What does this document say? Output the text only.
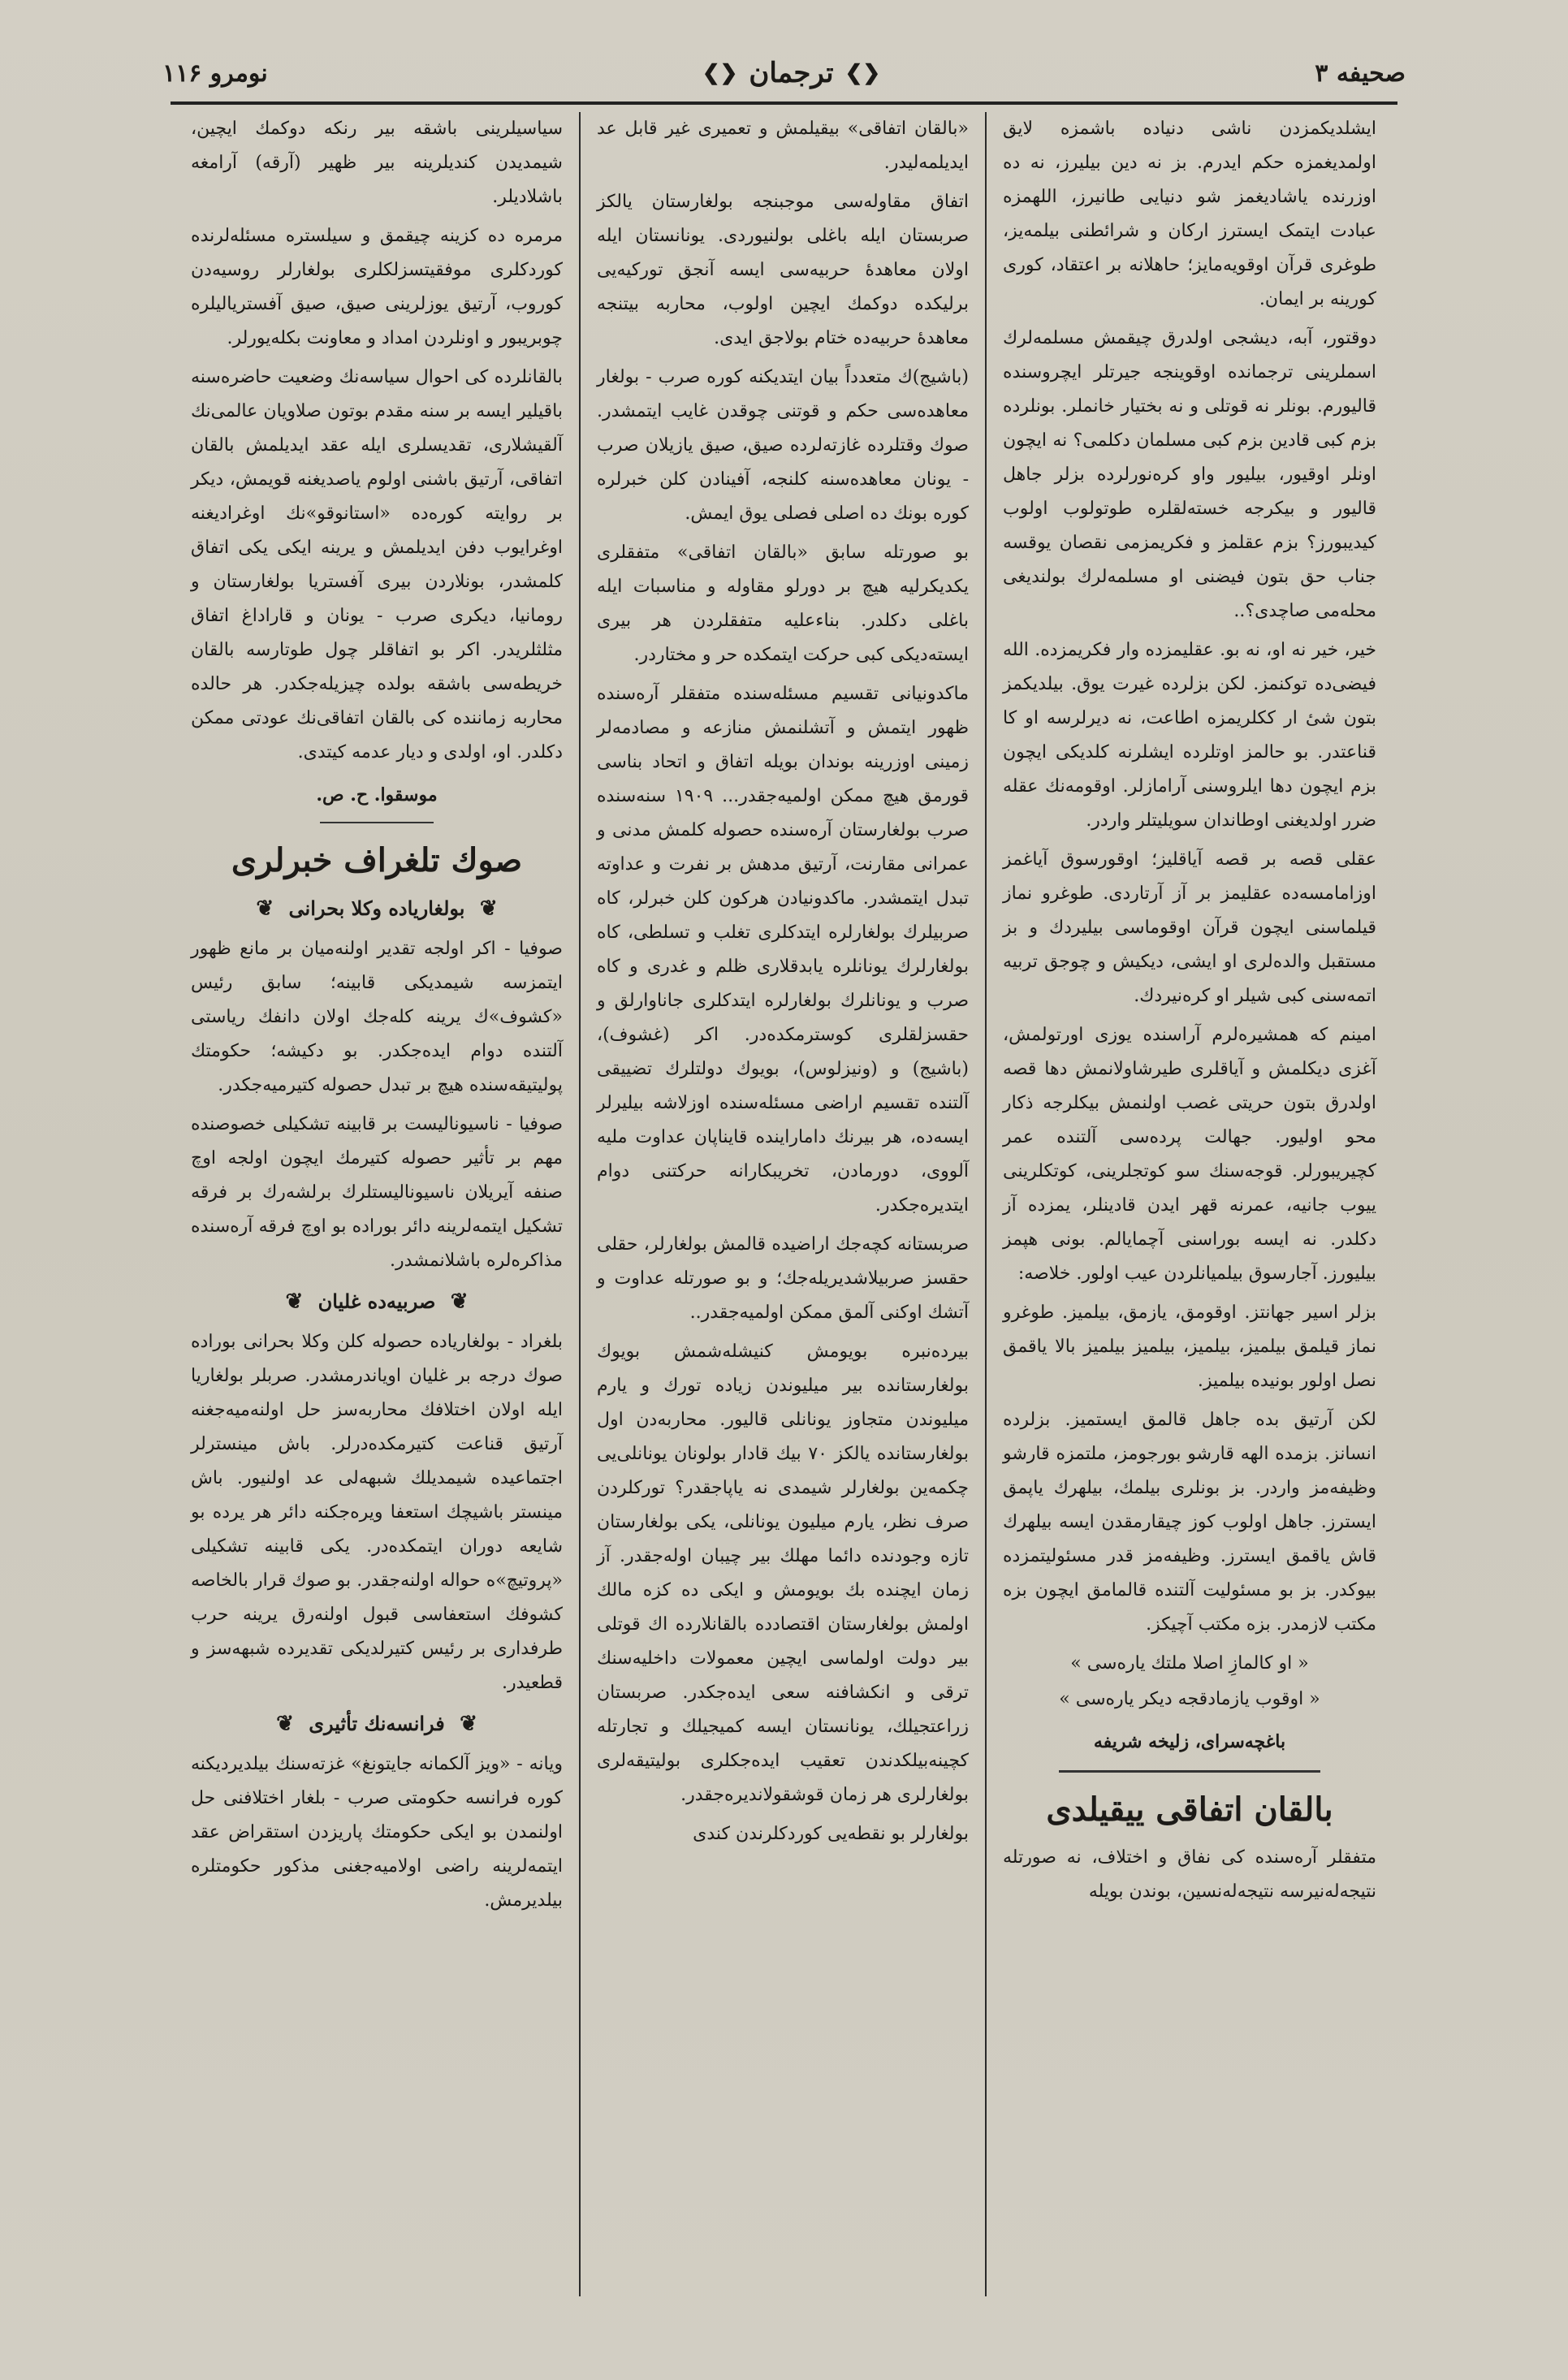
صحیفه ۳
❮❯
ترجمان
❮❯
نومرو ۱۱۶

ایشلدیکمزدن ناشی دنیاده باشمزه لایق اولمدیغمزه حکم ایدرم. بز نه دین بیلیرز، نه ده اوزرنده یاشادیغمز شو دنیایی طانیرز، اللهمزه عبادت ایتمک ایسترز ارکان و شرائطنی بیلمه‌یز، طوغری قرآن اوقویه‌مایز؛ حاهلانه بر اعتقاد، کوری کورینه بر ایمان.

دوقتور، آبه، دیشجی اولدرق چیقمش مسلمه‌لرك اسملرینی ترجمانده اوقوینجه جیرتلر ایچروسنده قالیورم. بونلر نه قوتلی و نه بختیار خانملر. بونلرده بزم کبی قادین بزم کبی مسلمان دکلمی؟ نه ایچون اونلر اوقیور، بیلیور واو کره‌نورلرده بزلر جاهل قالیور و بیکرجه خسته‌لقلره طوتولوب اولوب کیدیبورز؟ بزم عقلمز و فکریمزمی نقصان یوقسه جناب حق بتون فیضنی او مسلمه‌لرك بولندیغی محله‌می صاچدی؟..

خیر، خیر نه او، نه بو. عقلیمزده وار فکریمزده. الله فیضی‌ده توکنمز. لکن بزلرده غیرت یوق. بیلدیکمز بتون شیٔ ار ککلریمزه اطاعت، نه دیرلرسه او کا قناعتدر. بو حالمز اوتلرده ایشلرنه کلدیکی ایچون بزم ایچون دها ایلروسنی آرامازلر. اوقومه‌نك عقله ضرر اولدیغنی اوطاندان سویلیتلر واردر.

عقلی قصه بر قصه آیاقلیز؛ اوقورسوق آیاغمز اوزامامسه‌ده عقلیمز بر آز آرتاردی. طوغرو نماز قیلماسنی ایچون قرآن اوقوماسی بیلیرد‌ك و بز مستقبل والده‌لری او ایشی، دیکیش و چوجق تربیه اتمه‌سنی کبی شیلر او کره‌نیردك.

امینم که همشیره‌لرم آراسنده یوزی اورتولمش، آغزی دیکلمش و آیاقلری طیرشاولانمش دها قصه اولدرق بتون حریتی غصب اولنمش بیکلرجه ذکار محو اولیور. جهالت پرده‌سی آلتنده عمر کچیریبورلر. قوجه‌سنك سو کوتجلرینی، کوتکلرینی ییوب جانیه، عمرنه قهر ایدن قادینلر، یمزده آز دکلدر. نه ایسه بوراسنی آچمایالم. بونی هپمز بیلیورز. آجارسوق بیلمیانلردن عیب اولور. خلاصه:

بزلر اسیر جهانتز. اوقومق، یازمق، بیلمیز. طوغرو نماز قیلمق بیلمیز، بیلمیز، بیلمیز بیلمیز بالا یاقمق نصل اولور بونیده بیلمیز.

لکن آرتیق بده جاهل قالمق ایستمیز. بزلرده انسانز. بزمده الهه قارشو بورجومز، ملتمزه قارشو وظیفه‌مز واردر. بز بونلری بیلمك، بیلهرك یاپمق ایسترز. جاهل اولوب کوز چیقارمقدن ایسه بیلهرك قاش یاقمق ایسترز. وظیفه‌مز قدر مسئولیتمزده بیوکدر. بز بو مسئولیت آلتنده قالمامق ایچون بزه مکتب لازمدر. بزه مکتب آچیکز.

« او کالمازِ اصلا ملتك یاره‌سی »
« اوقوب یازمادقجه دیکر یاره‌سی »
باغچه‌سرای، زلیخه شریفه
بالقان اتفاقی ییقیلدی

متفقلر آره‌سنده کی نفاق و اختلاف، نه صورتله نتیجه‌له‌نیرسه نتیجه‌له‌نسین، بوندن بویله

«بالقان اتفاقی» بیقیلمش و تعمیری غیر قابل عد ایدیلمه‌لیدر.

اتفاق مقاوله‌سی موجبنجه بولغارستان یالکز صربستان ایله باغلی بولنیوردی. یونانستان ایله اولان معاهدهٔ حربیه‌سی ایسه آنجق تورکیه‌یی برلیکده دوکمك ایچین اولوب، محاربه بیتنجه معاهدهٔ حربیه‌ده ختام بولاجق ایدی.

(باشیج)‌ك متعدداً بیان ایتدیکنه کوره صرب - بولغار معاهده‌سی حکم و قوتنی چوقدن غایب ایتمشدر. صوك وقتلرده غازته‌لرده صیق، صیق یازیلان صرب - یونان معاهده‌سنه کلنجه، آفینادن کلن خبرلره کوره بونك ده اصلی فصلی یوق ایمش.

بو صورتله سابق «بالقان اتفاقی» متفقلری یکدیکرلیه هیچ بر دورلو مقاوله و مناسبات ایله باغلی دکلدر. بناءعلیه متفقلردن هر بیری ایسته‌دیکی کبی حرکت ایتمکده حر و مختاردر.

ماکدونیانی تقسیم مسئله‌سنده متفقلر آره‌سنده ظهور ایتمش و آتشلنمش منازعه و مصادمه‌لر زمینی اوزرینه بوندان بویله اتفاق و اتحاد بناسی قورمق هیچ ممکن اولمیه‌جقدر... ۱۹۰۹ سنه‌سنده صرب بولغارستان آره‌سنده حصوله کلمش مدنی و عمرانی مقارنت، آرتیق مدهش بر نفرت و عداوته تبدل ایتمشدر. ماکدونیادن هرکون کلن خبرلر، کاه صربیلرك بولغارلره ایتدکلری تغلب و تسلطی، کاه بولغارلرك یونانلره یابدقلاری ظلم و غدری و کاه صرب و یونانلرك بولغارلره ایتدکلری جاناوارلق و حقسزلقلری کوسترمکده‌در. اکر (غشوف)، (باشیج) و (ونیزلوس)، بویوك دولتلرك تضییقی آلتنده تقسیم اراضی مسئله‌سنده اوزلاشه بیلیرلر ایسه‌ده، هر بیرنك داماراینده قایناپان عداوت ملیه آلووی، دورمادن، تخریبکارانه حرکتنی دوام ایتدیره‌جکدر.

صربستانه کچه‌جك اراضیده قالمش بولغارلر، حقلی حقسز صربیلاشدیریله‌جك؛ و بو صورتله عداوت و آتشك اوکنی آلمق ممکن اولمیه‌جقدر..

بیرده‌نبره بویومش کنیشله‌شمش بویوك بولغارستانده بیر میلیوندن زیاده تورك و یارم میلیوندن متجاوز یونانلی قالیور. محاربه‌دن اول بولغارستانده یالکز ۷۰ بیك قادار بولونان یونانلی‌یی چکمه‌ین بولغارلر شیمدی نه یاپاجقدر؟ تورکلردن صرف نظر، یارم میلیون یونانلی، یکی بولغارستان تازه وجودنده دائما مهلك بیر چیبان اوله‌جقدر. آز زمان ایچنده بك بویومش و ایکی ده کزه مالك اولمش بولغارستان اقتصادده بالقانلارده ا‌ك قوتلی بیر دولت اولماسی ایچین معمولات داخلیه‌سنك ترقی و انکشافنه سعی ایده‌جکدر. صربستان زراعتجیلك، یونانستان ایسه کمیجیلك و تجارتله کچینه‌بیلکدندن تعقیب ایده‌جکلری بولیتیقه‌لری بولغارلری هر زمان قوشقولاندیره‌جقدر.

بولغارلر بو نقطه‌یی کوردکلرندن کندی

سیاسیلرینی باشقه بیر رنکه دوکمك ایچین، شیمدیدن کندیلرینه بیر ظهیر (آرقه) آرامغه باشلادیلر.

مرمره ده کزینه چیقمق و سیلستره مسئله‌لرنده کوردکلری موفقیتسزلکلری بولغارلر روسیه‌دن کوروب، آرتیق یوزلرینی صیق، صیق آفستریالیلره چوبریبور و اونلردن امداد و معاونت بکله‌یورلر.

بالقانلرده کی احوال سیاسه‌نك وضعیت حاضره‌سنه باقیلیر ایسه بر سنه مقدم بوتون صلاویان عالمی‌نك آلقیشلاری، تقدیسلری ایله عقد ایدیلمش بالقان اتفاقی، آرتیق باشنی اولوم یاصدیغنه قویمش، دیکر بر روایته کوره‌ده «استانوقو»‌نك اوغرادیغنه اوغرایوب دفن ایدیلمش و یرینه ایکی یکی اتفاق کلمشدر، بونلاردن بیری آفستریا بولغارستان و رومانیا، دیکری صرب - یونان و قاراداغ اتفاق مثلثلریدر. اکر بو اتفاقلر چول طوتارسه بالقان خریطه‌سی باشقه بولده چیزیله‌جکدر. هر حالده محاربه زماننده کی بالقان اتفاقی‌نك عودتی ممکن دکلدر. او، اولدی و دیار عدمه کیتدی.

موسقوا. ح. ص.
صوك تلغراف خبرلری
❦ بولغاریاده وکلا بحرانی ❦

صوفیا - اکر اولجه تقدیر اولنه‌میان بر مانع ظهور ایتمزسه شیمدیکی قابینه؛ سابق رئیس «کشوف»‌ك یرینه کله‌جك اولان دانفك ریاستی آلتنده دوام ایده‌جکدر. بو دکیشه؛ حکومتك پولیتیقه‌سنده هیچ بر تبدل حصوله کتیرمیه‌جکدر.

صوفیا - ناسیونالیست بر قابینه تشکیلی خصوصنده مهم بر تأثیر حصوله کتیرمك ایچون اولجه اوچ صنفه آیریلان ناسیونالیستلرك برلشه‌رك بر فرقه تشکیل ایتمه‌لرینه دائر بوراده بو اوچ فرقه آره‌سنده مذاکره‌لره باشلانمشدر.

❦ صربیه‌ده غلیان ❦

بلغراد - بولغاریاده حصوله کلن وکلا بحرانی بوراده صوك درجه بر غلیان اویاندرمشدر. صربلر بولغاریا ایله اولان اختلافك محاربه‌سز حل اولنه‌میه‌جغنه آرتیق قناعت کتیرمکده‌درلر. باش مینسترلر اجتماعیده شیمدیلك شبهه‌لی عد اولنیور. باش مینستر باشیچك استعفا ویره‌جکنه دائر هر یرده بو شایعه دوران ایتمکده‌در. یکی قابینه تشکیلی «پروتیچ»ه حواله اولنه‌جقدر. بو صوك قرار بالخاصه کشوفك استعفاسی قبول اولنه‌رق یرینه حرب طرفداری بر رئیس کتیرلدیکی تقدیرده شبهه‌سز و قطعیدر.

❦ فرانسه‌نك تأثیری ❦

ویانه - «ویز آلکمانه جایتونغ» غزته‌سنك بیلدیردیکنه کوره فرانسه حکومتی صرب - بلغار اختلافنی حل اولنمدن بو ایکی حکومتك پاریزدن استقراض عقد ایتمه‌لرینه راضی اولامیه‌جغنی مذکور حکومتلره بیلدیرمش.
